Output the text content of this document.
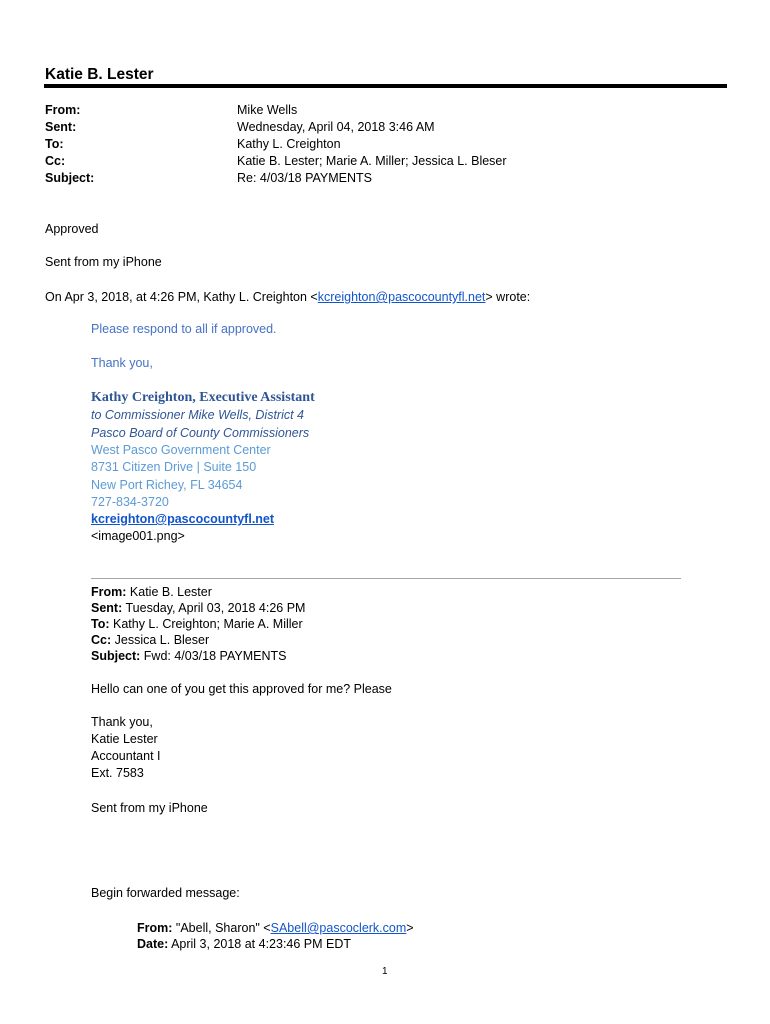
Katie B. Lester
From:	Mike Wells
Sent:	Wednesday, April 04, 2018 3:46 AM
To:	Kathy L. Creighton
Cc:	Katie B. Lester; Marie A. Miller; Jessica L. Bleser
Subject:	Re: 4/03/18 PAYMENTS
Approved
Sent from my iPhone
On Apr 3, 2018, at 4:26 PM, Kathy L. Creighton <kcreighton@pascocountyfl.net> wrote:
Please respond to all if approved.
Thank you,
Kathy Creighton, Executive Assistant
to Commissioner Mike Wells, District 4
Pasco Board of County Commissioners
West Pasco Government Center
8731 Citizen Drive | Suite 150
New Port Richey, FL 34654
727-834-3720
kcreighton@pascocountyfl.net
<image001.png>
From: Katie B. Lester
Sent: Tuesday, April 03, 2018 4:26 PM
To: Kathy L. Creighton; Marie A. Miller
Cc: Jessica L. Bleser
Subject: Fwd: 4/03/18 PAYMENTS
Hello can one of you get this approved for me? Please
Thank you,
Katie Lester
Accountant I
Ext. 7583
Sent from my iPhone
Begin forwarded message:
From: "Abell, Sharon" <SAbell@pascoclerk.com>
Date: April 3, 2018 at 4:23:46 PM EDT
1
